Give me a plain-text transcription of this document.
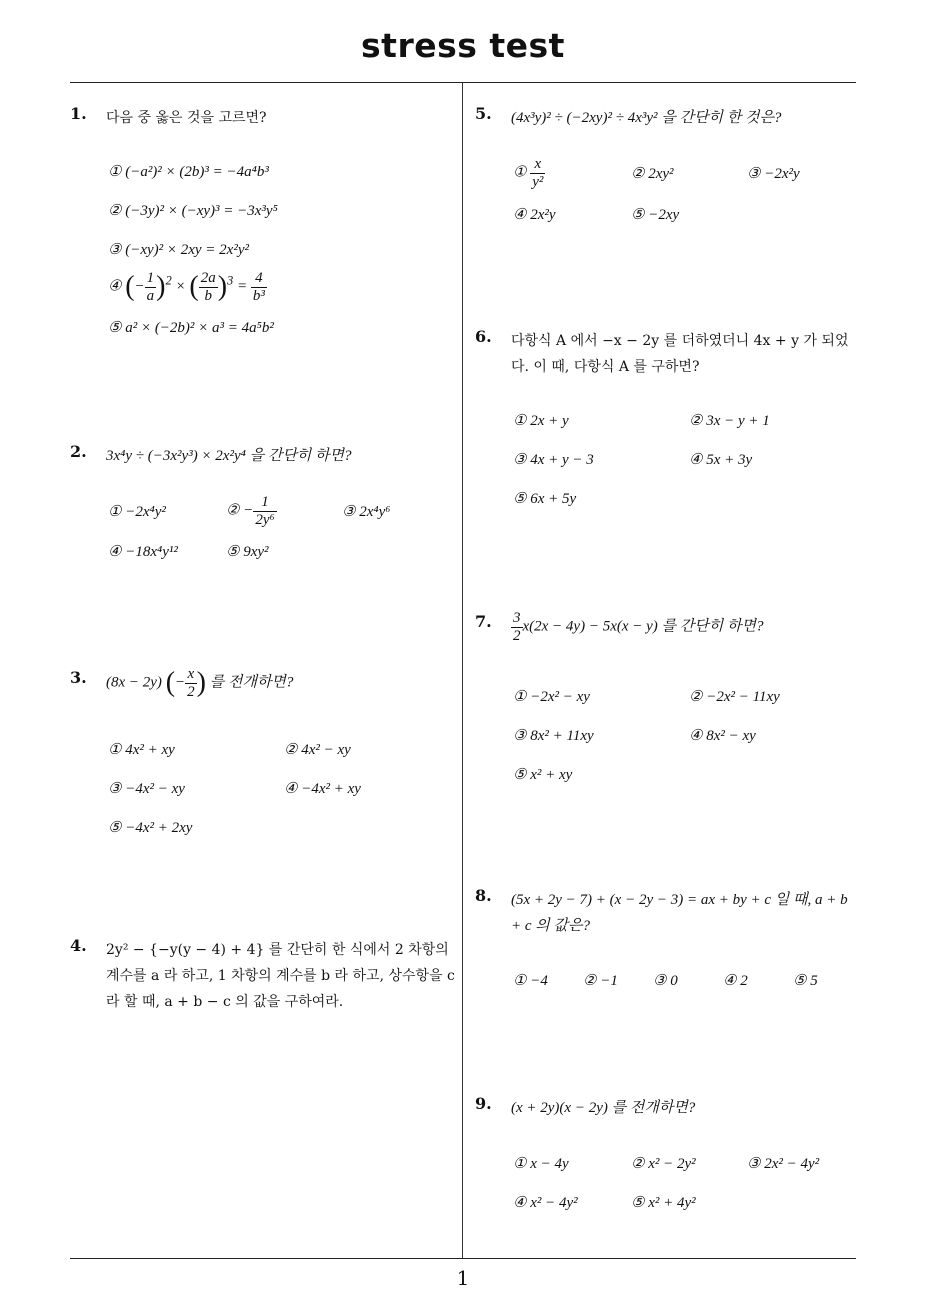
stress test
1
1. 다음 중 옳은 것을 고르면?
① (−a²)² × (2b)³ = −4a⁴b³
② (−3y)² × (−xy)³ = −3x³y⁵
③ (−xy)² × 2xy = 2x²y²
④ (− $\frac{1}{a} )^2$ × ( $\frac{2a}{b} )^3 = \frac{4}{\text{b³}}$
⑤ a² × (−2b)² × a³ = 4a⁵b²
2. 3x⁴y ÷ (−3x²y³) × 2x²y⁴ 을 간단히 하면?
① −2x⁴y²	② − $\frac{1}{\text{2y⁶}}$	③ 2x⁴y⁶
④ −18x⁴y¹²	⑤ 9xy²
3. (8x − 2y) (− $\frac{x}{2}$ ) 를 전개하면?
① 4x² + xy	② 4x² − xy
③ −4x² − xy	④ −4x² + xy
⑤ −4x² + 2xy
4. 2y² − {−y(y − 4) + 4} 를 간단히 한 식에서 2 차항의 계수를 a 라 하고, 1 차항의 계수를 b 라 하고, 상수항을 c 라 할 때, a + b − c 의 값을 구하여라.
5. (4x³y)² ÷ (−2xy)² ÷ 4x³y² 을 간단히 한 것은?
① $\frac{x}{\text{y²}}$	② 2xy²	③ −2x²y
④ 2x²y	⑤ −2xy
6. 다항식 A 에서 −x − 2y 를 더하였더니 4x + y 가 되었다. 이 때, 다항식 A 를 구하면?
① 2x + y	② 3x − y + 1
③ 4x + y − 3	④ 5x + 3y
⑤ 6x + 5y
7. $\frac{3}{2} x(2x - 4y) - 5x(x - y)$ 를 간단히 하면?
① −2x² − xy	② −2x² − 11xy
③ 8x² + 11xy	④ 8x² − xy
⑤ x² + xy
8. (5x + 2y − 7) + (x − 2y − 3) = ax + by + c 일 때, a + b + c 의 값은?
① −4 ② −1 ③ 0	④ 2	⑤ 5
9. (x + 2y)(x − 2y) 를 전개하면?
① x − 4y	② x² − 2y²	③ 2x² − 4y²
④ x² − 4y²	⑤ x² + 4y²
